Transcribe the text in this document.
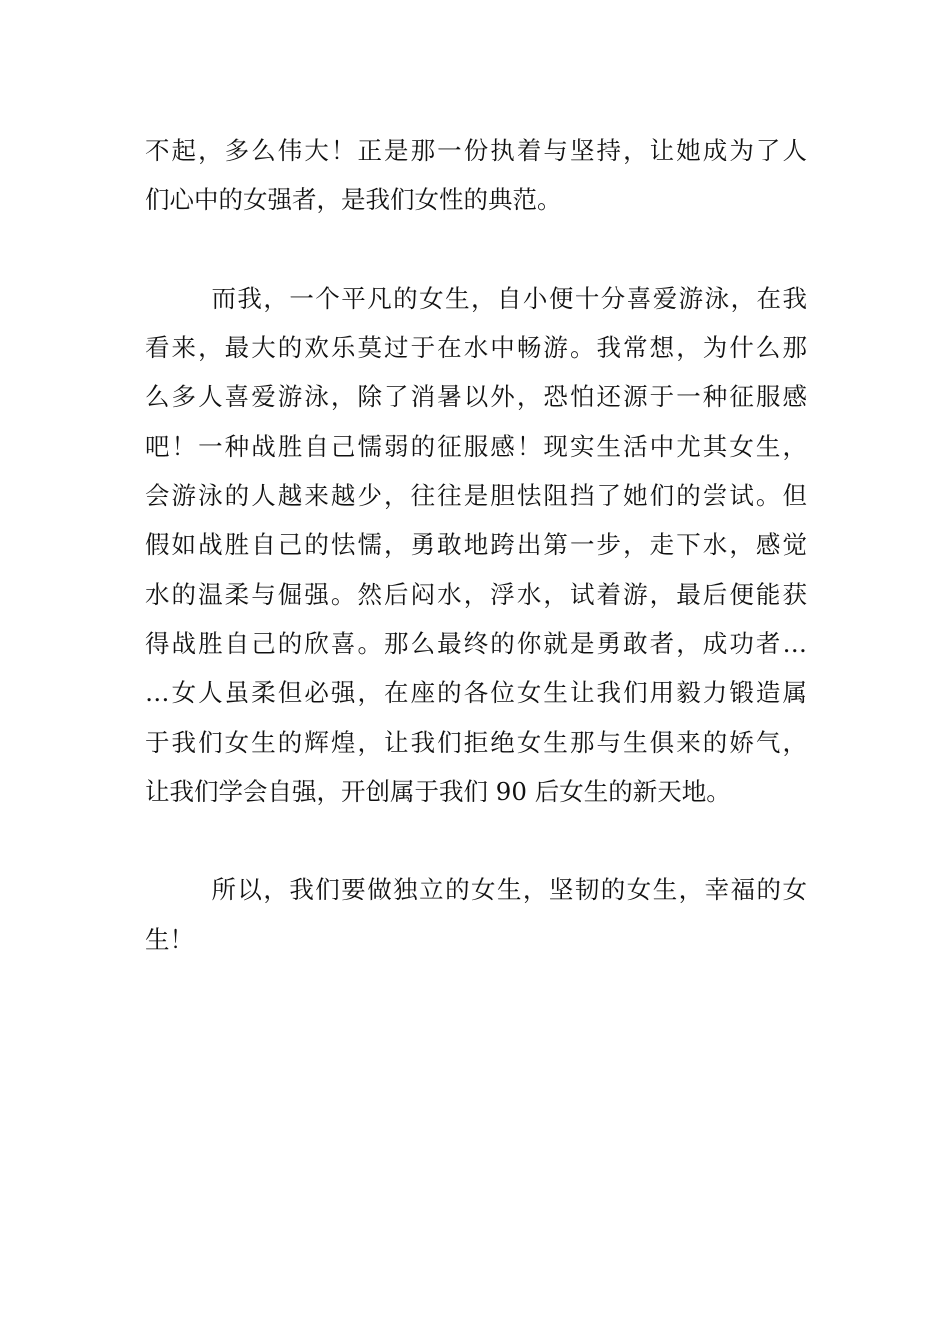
不起，多么伟大！正是那一份执着与坚持，让她成为了人
们心中的女强者，是我们女性的典范。
而我，一个平凡的女生，自小便十分喜爱游泳，在我
看来，最大的欢乐莫过于在水中畅游。我常想，为什么那
么多人喜爱游泳，除了消暑以外，恐怕还源于一种征服感
吧！一种战胜自己懦弱的征服感！现实生活中尤其女生，
会游泳的人越来越少，往往是胆怯阻挡了她们的尝试。但
假如战胜自己的怯懦，勇敢地跨出第一步，走下水，感觉
水的温柔与倔强。然后闷水，浮水，试着游，最后便能获
得战胜自己的欣喜。那么最终的你就是勇敢者，成功者…
…女人虽柔但必强，在座的各位女生让我们用毅力锻造属
于我们女生的辉煌，让我们拒绝女生那与生俱来的娇气，
让我们学会自强，开创属于我们 90 后女生的新天地。
所以，我们要做独立的女生，坚韧的女生，幸福的女
生！
